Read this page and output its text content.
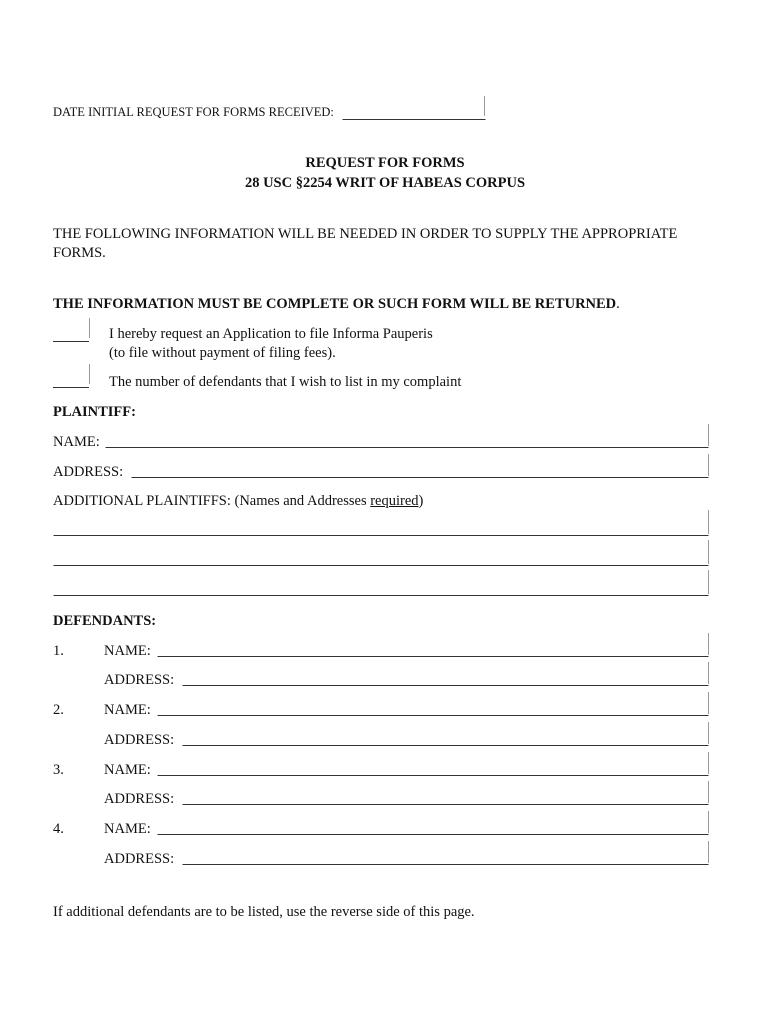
DATE INITIAL REQUEST FOR FORMS RECEIVED:
REQUEST FOR FORMS
28 USC §2254 WRIT OF HABEAS CORPUS
THE FOLLOWING INFORMATION WILL BE NEEDED IN ORDER TO SUPPLY THE APPROPRIATE
FORMS.
THE INFORMATION MUST BE COMPLETE OR SUCH FORM WILL BE RETURNED.
I hereby request an Application to file Informa Pauperis
(to file without payment of filing fees).
The number of defendants that I wish to list in my complaint
PLAINTIFF:
NAME:
ADDRESS:
ADDITIONAL PLAINTIFFS: (Names and Addresses required)
DEFENDANTS:
1.	NAME:
ADDRESS:
2.	NAME:
ADDRESS:
3.	NAME:
ADDRESS:
4.	NAME:
ADDRESS:
If additional defendants are to be listed, use the reverse side of this page.
